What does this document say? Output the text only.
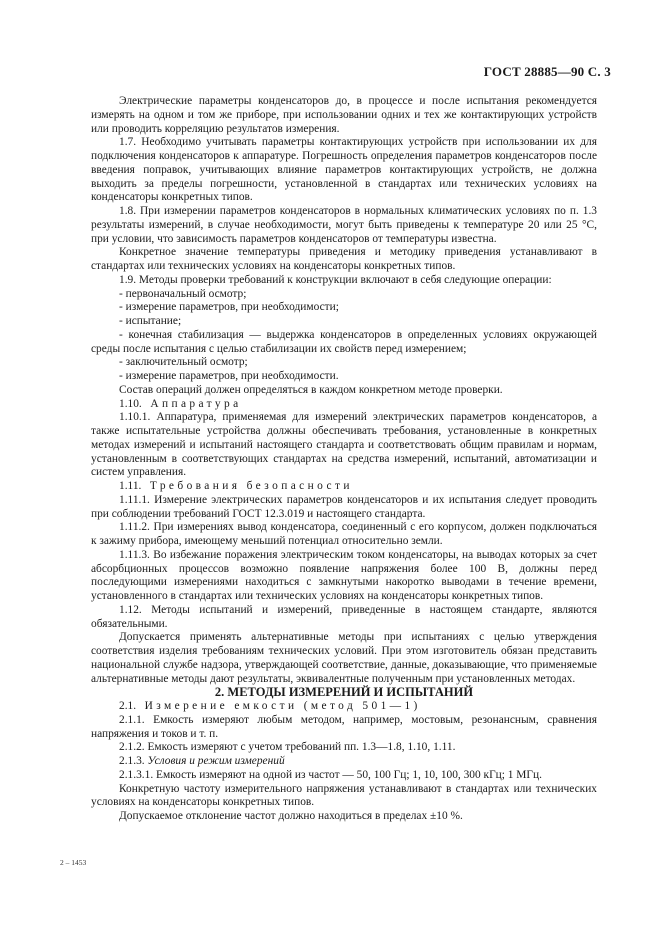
ГОСТ 28885—90 С. 3

Электрические параметры конденсаторов до, в процессе и после испытания рекомендуется измерять на одном и том же приборе, при использовании одних и тех же контактирующих устройств или проводить корреляцию результатов измерения.

1.7. Необходимо учитывать параметры контактирующих устройств при использовании их для подключения конденсаторов к аппаратуре. Погрешность определения параметров конденсаторов после введения поправок, учитывающих влияние параметров контактирующих устройств, не должна выходить за пределы погрешности, установленной в стандартах или технических условиях на конденсаторы конкретных типов.

1.8. При измерении параметров конденсаторов в нормальных климатических условиях по п. 1.3 результаты измерений, в случае необходимости, могут быть приведены к температуре 20 или 25 °С, при условии, что зависимость параметров конденсаторов от температуры известна.

Конкретное значение температуры приведения и методику приведения устанавливают в стандартах или технических условиях на конденсаторы конкретных типов.

1.9. Методы проверки требований к конструкции включают в себя следующие операции:

- первоначальный осмотр;

- измерение параметров, при необходимости;

- испытание;

- конечная стабилизация — выдержка конденсаторов в определенных условиях окружающей среды после испытания с целью стабилизации их свойств перед измерением;

- заключительный осмотр;

- измерение параметров, при необходимости.

Состав операций должен определяться в каждом конкретном методе проверки.

1.10. Аппаратура

1.10.1. Аппаратура, применяемая для измерений электрических параметров конденсаторов, а также испытательные устройства должны обеспечивать требования, установленные в конкретных методах измерений и испытаний настоящего стандарта и соответствовать общим правилам и нормам, установленным в соответствующих стандартах на средства измерений, испытаний, автоматизации и систем управления.

1.11. Требования безопасности

1.11.1. Измерение электрических параметров конденсаторов и их испытания следует проводить при соблюдении требований ГОСТ 12.3.019 и настоящего стандарта.

1.11.2. При измерениях вывод конденсатора, соединенный с его корпусом, должен подключаться к зажиму прибора, имеющему меньший потенциал относительно земли.

1.11.3. Во избежание поражения электрическим током конденсаторы, на выводах которых за счет абсорбционных процессов возможно появление напряжения более 100 В, должны перед последующими измерениями находиться с замкнутыми накоротко выводами в течение времени, установленного в стандартах или технических условиях на конденсаторы конкретных типов.

1.12. Методы испытаний и измерений, приведенные в настоящем стандарте, являются обязательными.

Допускается применять альтернативные методы при испытаниях с целью утверждения соответствия изделия требованиям технических условий. При этом изготовитель обязан представить национальной службе надзора, утверждающей соответствие, данные, доказывающие, что применяемые альтернативные методы дают результаты, эквивалентные полученным при установленных методах.

2. МЕТОДЫ ИЗМЕРЕНИЙ И ИСПЫТАНИЙ

2.1. Измерение емкости (метод 501—1)

2.1.1. Емкость измеряют любым методом, например, мостовым, резонансным, сравнения напряжения и токов и т. п.

2.1.2. Емкость измеряют с учетом требований пп. 1.3—1.8, 1.10, 1.11.

2.1.3. Условия и режим измерений

2.1.3.1. Емкость измеряют на одной из частот — 50, 100 Гц; 1, 10, 100, 300 кГц; 1 МГц.

Конкретную частоту измерительного напряжения устанавливают в стандартах или технических условиях на конденсаторы конкретных типов.

Допускаемое отклонение частот должно находиться в пределах ±10 %.

2 – 1453
